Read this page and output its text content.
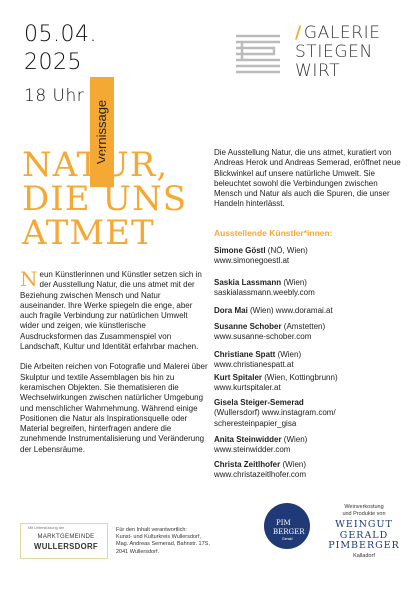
05.04.
2025
18 Uhr
Vernissage
/ GALERIE
STIEGEN
WIRT
NATUR,
DIE UNS
ATMET

Neun Künstlerinnen und Künstler setzen sich in der Ausstellung Natur, die uns atmet mit der Beziehung zwischen Mensch und Natur auseinander. Ihre Werke spiegeln die enge, aber auch fragile Verbindung zur natürlichen Umwelt wider und zeigen, wie künstlerische Ausdrucksformen das Zusammenspiel von Landschaft, Kultur und Identität erfahrbar machen.

Die Arbeiten reichen von Fotografie und Malerei über Skulptur und textile Assemblagen bis hin zu keramischen Objekten. Sie thematisieren die Wechselwirkungen zwischen natürlicher Umgebung und menschlicher Wahrnehmung. Während einige Positionen die Natur als Inspirationsquelle oder Material begreifen, hinterfragen andere die zunehmende Instrumentalisierung und Veränderung der Lebensräume.

Die Ausstellung Natur, die uns atmet, kuratiert von Andreas Herok und Andreas Semerad, eröffnet neue Blickwinkel auf unsere natürliche Umwelt. Sie beleuchtet sowohl die Verbindungen zwischen Mensch und Natur als auch die Spuren, die unser Handeln hinterlässt.

Ausstellende Künstler*innen:
Simone Göstl (NÖ, Wien)
www.simonegoestl.at
Saskia Lassmann (Wien)
saskialassmann.weebly.com
Dora Mai (Wien) www.doramai.at
Susanne Schober (Amstetten)
www.susanne-schober.com
Christiane Spatt (Wien)
www.christianespatt.at
Kurt Spitaler (Wien, Kottingbrunn)
www.kurtspitaler.at
Gisela Steiger-Semerad
(Wullersdorf) www.instagram.com/
scheresteinpapier_gisa
Anita Steinwidder (Wien)
www.steinwidder.com
Christa Zeitlhofer (Wien)
www.christazeitlhofer.com
Mit Unterstützung der
MARKTGEMEINDE
WULLERSDORF
Für den Inhalt verantwortlich:
Kunst- und Kulturkreis Wullersdorf,
Mag. Andreas Semerad, Bahnstr. 17S,
2041 Wullersdorf.
PIM
BERGER
Gerald
Weinverkostung
und Produkte von
WEINGUT
GERALD
PIMBERGER
Kalladorf
